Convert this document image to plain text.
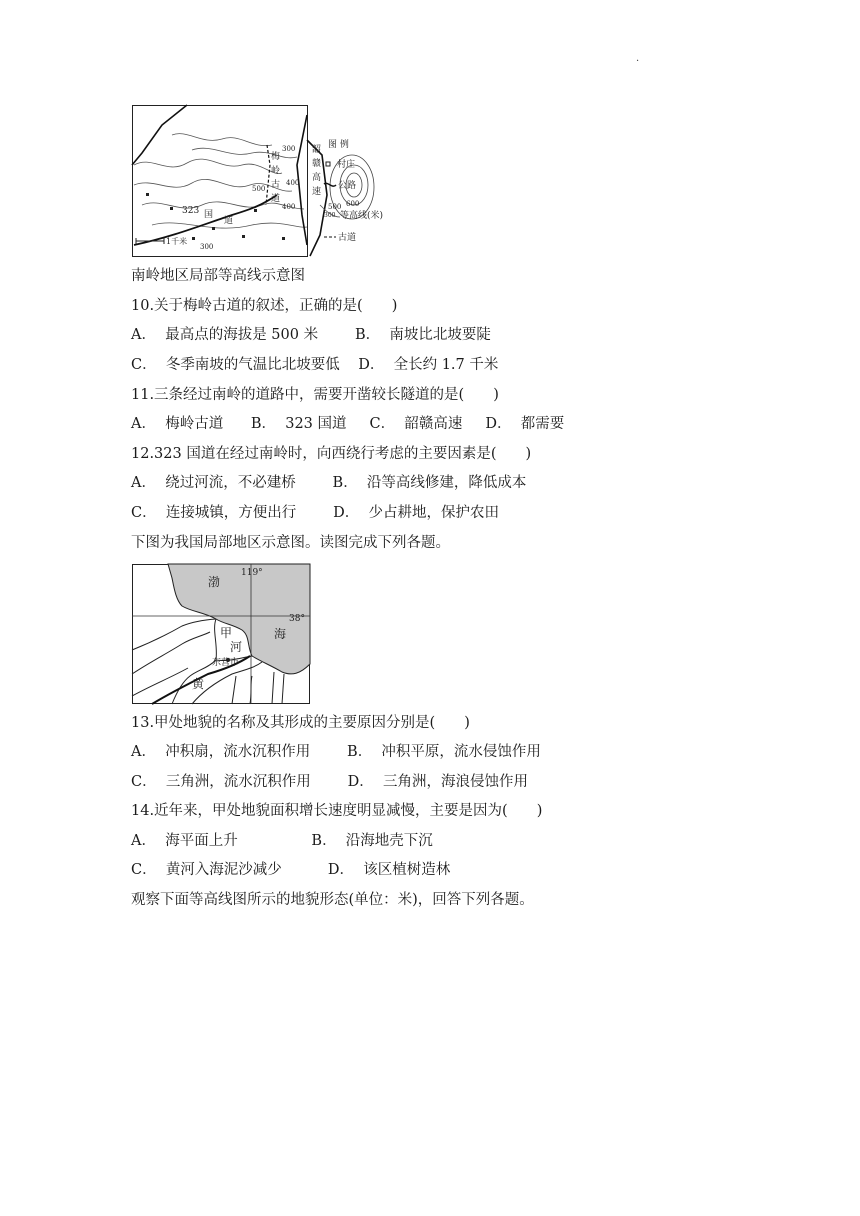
·
323 国
道
韶
赣
高
速
梅
岭
古
道
300
400
500
400	600
500
300
1千米
图 例
村庄
公路
300 等高线(米)
古道
南岭地区局部等高线示意图
10.关于梅岭古道的叙述，正确的是(　　)
A．  最高点的海拔是 500 米        B．  南坡比北坡要陡
C．  冬季南坡的气温比北坡要低    D．  全长约 1.7 千米
11.三条经过南岭的道路中，需要开凿较长隧道的是(　　)
A．  梅岭古道      B．  323 国道     C．  韶赣高速     D．  都需要
12.323 国道在经过南岭时，向西绕行考虑的主要因素是(　　)
A．  绕过河流，不必建桥        B．  沿等高线修建，降低成本
C．  连接城镇，方便出行        D．  少占耕地，保护农田
下图为我国局部地区示意图。读图完成下列各题。
119°
38°
渤
海
甲
河
东营市
黄
13.甲处地貌的名称及其形成的主要原因分别是(　　)
A．  冲积扇，流水沉积作用        B．  冲积平原，流水侵蚀作用
C．  三角洲，流水沉积作用        D．  三角洲，海浪侵蚀作用
14.近年来，甲处地貌面积增长速度明显减慢，主要是因为(　　)
A．  海平面上升                B．  沿海地壳下沉
C．  黄河入海泥沙减少          D．  该区植树造林
观察下面等高线图所示的地貌形态(单位：米)，回答下列各题。
